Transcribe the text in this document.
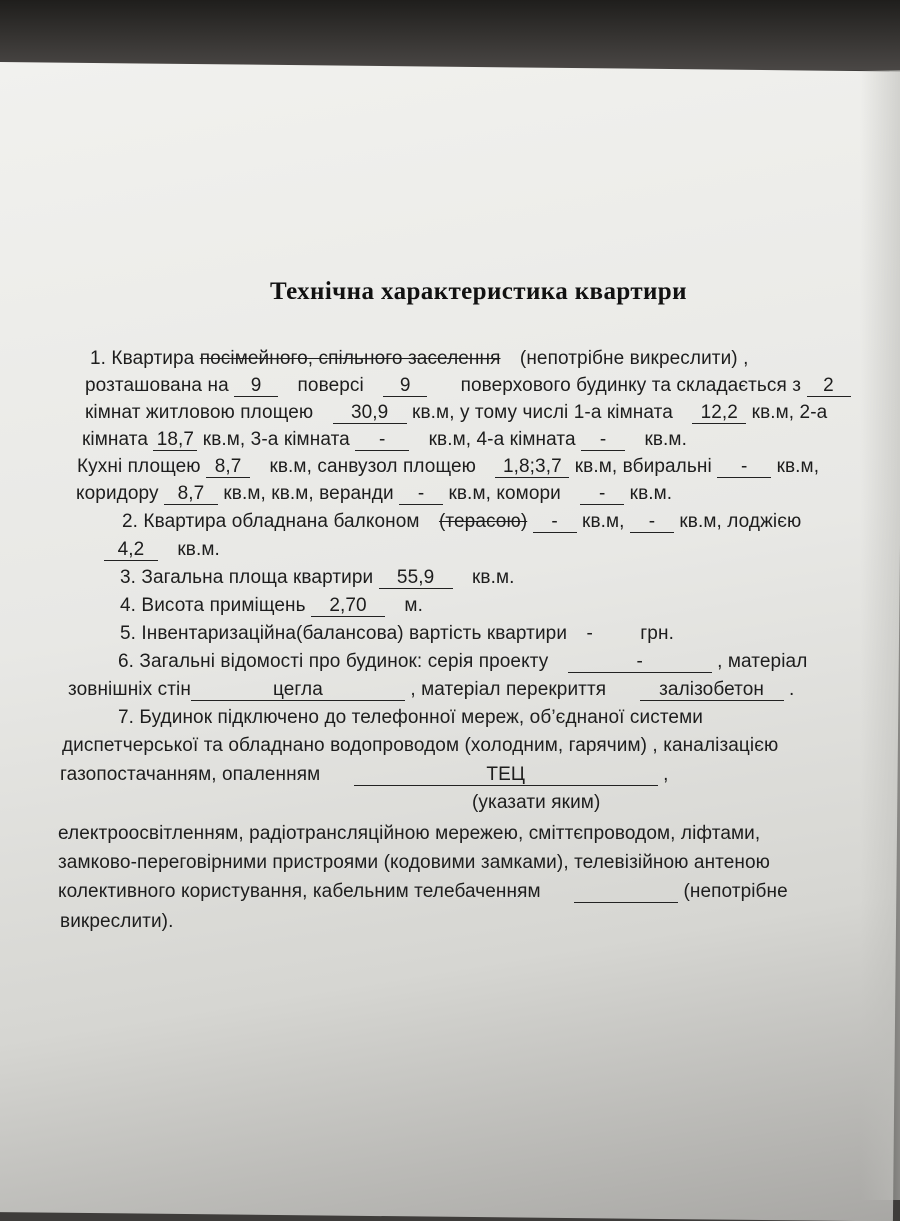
Технічна характеристика квартири
1. Квартира посімейного, спільного заселення (непотрібне викреслити) ,
розташована на 9 поверсі 9	поверхового будинку та складається з 2
кімнат житловою площею 30,9 кв.м, у тому числі 1-а кімната 12,2 кв.м, 2-а
кімната 18,7 кв.м, 3-а кімната - кв.м, 4-а кімната - кв.м.
Кухні площею 8,7 кв.м, санвузол площею 1,8;3,7 кв.м, вбиральні - кв.м,
коридору 8,7 кв.м, кв.м, веранди - кв.м, комори - кв.м.
2. Квартира обладнана балконом (терасою) - кв.м, - кв.м, лоджією
4,2 кв.м.
3. Загальна площа квартири 55,9 кв.м.
4. Висота приміщень 2,70 м.
5. Інвентаризаційна(балансова) вартість квартири - грн.
6. Загальні відомості про будинок: серія проекту	-	, матеріал
зовнішніх стін	цегла	, матеріал перекриття	залізобетон .
7. Будинок підключено до телефонної мереж, об’єднаної системи
диспетчерської та обладнано водопроводом (холодним, гарячим) , каналізацією
газопостачанням, опаленням	ТЕЦ	,
(указати яким)
електроосвітленням, радіотрансляційною мережею, сміттєпроводом, ліфтами,
замково-переговірними пристроями (кодовими замками), телевізійною антеною
колективного користування, кабельним телебаченням	(непотрібне
викреслити).
